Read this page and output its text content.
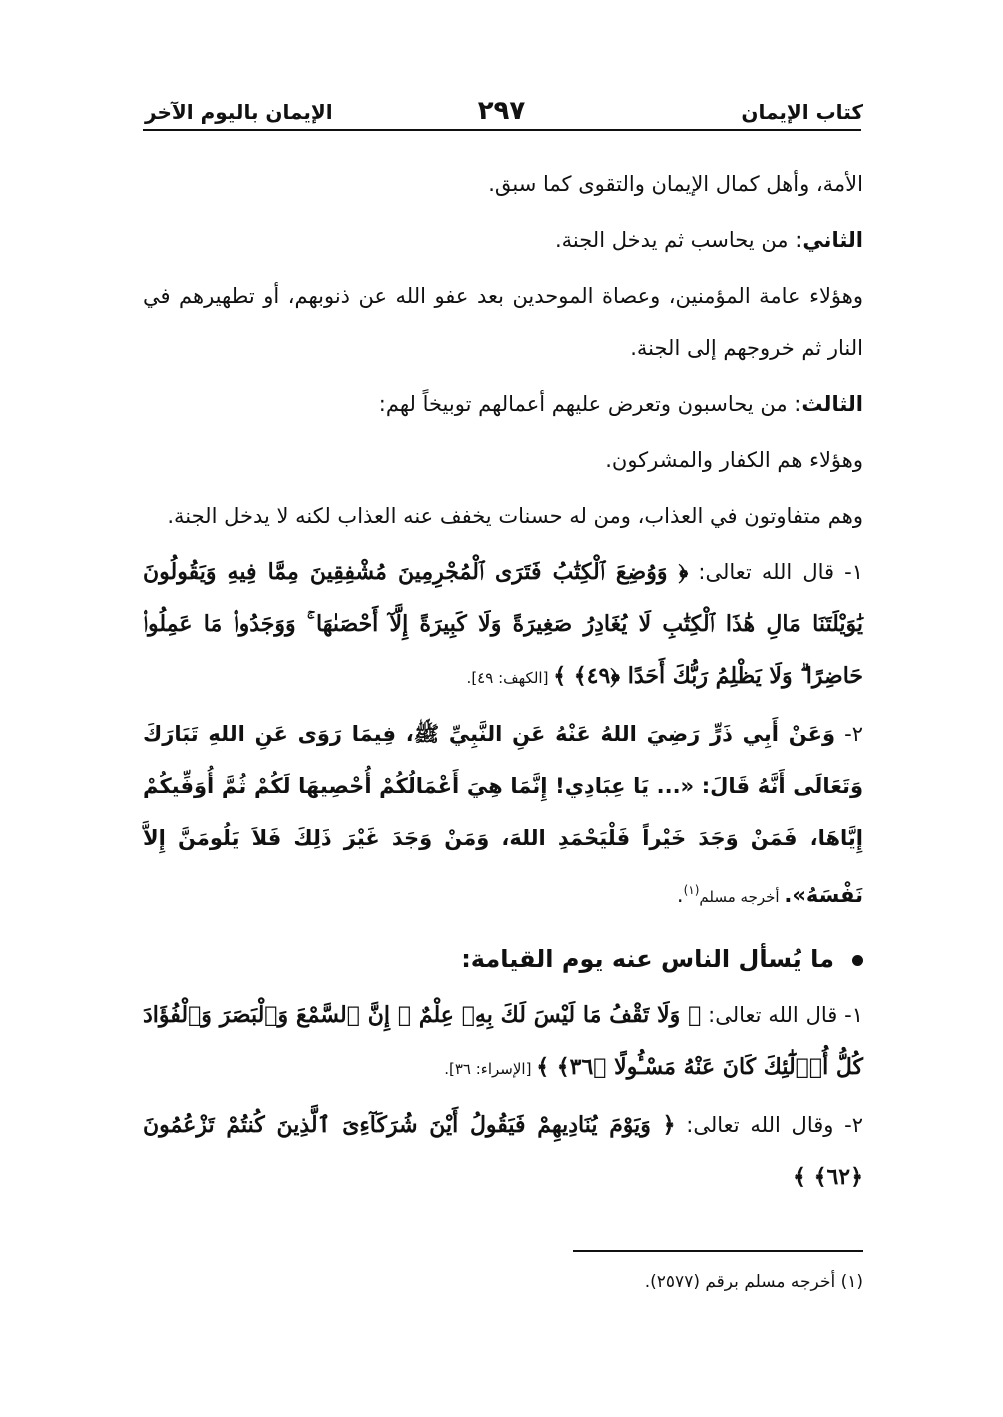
كتاب الإيمان
٢٩٧
الإيمان باليوم الآخر

الأمة، وأهل كمال الإيمان والتقوى كما سبق.

الثاني: من يحاسب ثم يدخل الجنة.

وهؤلاء عامة المؤمنين، وعصاة الموحدين بعد عفو الله عن ذنوبهم، أو تطهيرهم في النار ثم خروجهم إلى الجنة.

الثالث: من يحاسبون وتعرض عليهم أعمالهم توبيخاً لهم:

وهؤلاء هم الكفار والمشركون.

وهم متفاوتون في العذاب، ومن له حسنات يخفف عنه العذاب لكنه لا يدخل الجنة.

١- قال الله تعالى: ﴿ وَوُضِعَ ٱلْكِتَٰبُ فَتَرَى ٱلْمُجْرِمِينَ مُشْفِقِينَ مِمَّا فِيهِ وَيَقُولُونَ يَٰوَيْلَتَنَا مَالِ هَٰذَا ٱلْكِتَٰبِ لَا يُغَادِرُ صَغِيرَةً وَلَا كَبِيرَةً إِلَّآ أَحْصَىٰهَا ۚ وَوَجَدُوا۟ مَا عَمِلُوا۟ حَاضِرًا ۗ وَلَا يَظْلِمُ رَبُّكَ أَحَدًا ﴿٤٩﴾ ﴾ [الكهف: ٤٩].

٢- وَعَنْ أَبِي ذَرٍّ رَضِيَ اللهُ عَنْهُ عَنِ النَّبِيِّ ﷺ، فِيمَا رَوَى عَنِ اللهِ تَبَارَكَ وَتَعَالَى أَنَّهُ قَالَ: «... يَا عِبَادِي! إِنَّمَا هِيَ أَعْمَالُكُمْ أُحْصِيهَا لَكُمْ ثُمَّ أُوَفِّيكُمْ إِيَّاهَا، فَمَنْ وَجَدَ خَيْراً فَلْيَحْمَدِ اللهَ، وَمَنْ وَجَدَ غَيْرَ ذَلِكَ فَلاَ يَلُومَنَّ إِلاَّ نَفْسَهُ». أخرجه مسلم$^{(١)}$.

ما يُسأل الناس عنه يوم القيامة:

١- قال الله تعالى: ﴿ وَلَا تَقْفُ مَا لَيْسَ لَكَ بِهِۦ عِلْمٌ ۚ إِنَّ ٱلسَّمْعَ وَٱلْبَصَرَ وَٱلْفُؤَادَ كُلُّ أُو۟لَٰٓئِكَ كَانَ عَنْهُ مَسْـُٔولًا ﴿٣٦﴾ ﴾ [الإسراء: ٣٦].

٢- وقال الله تعالى: ﴿ وَيَوْمَ يُنَادِيهِمْ فَيَقُولُ أَيْنَ شُرَكَآءِىَ ٱلَّذِينَ كُنتُمْ تَزْعُمُونَ ﴿٦٢﴾ ﴾

(١) أخرجه مسلم برقم (٢٥٧٧).
